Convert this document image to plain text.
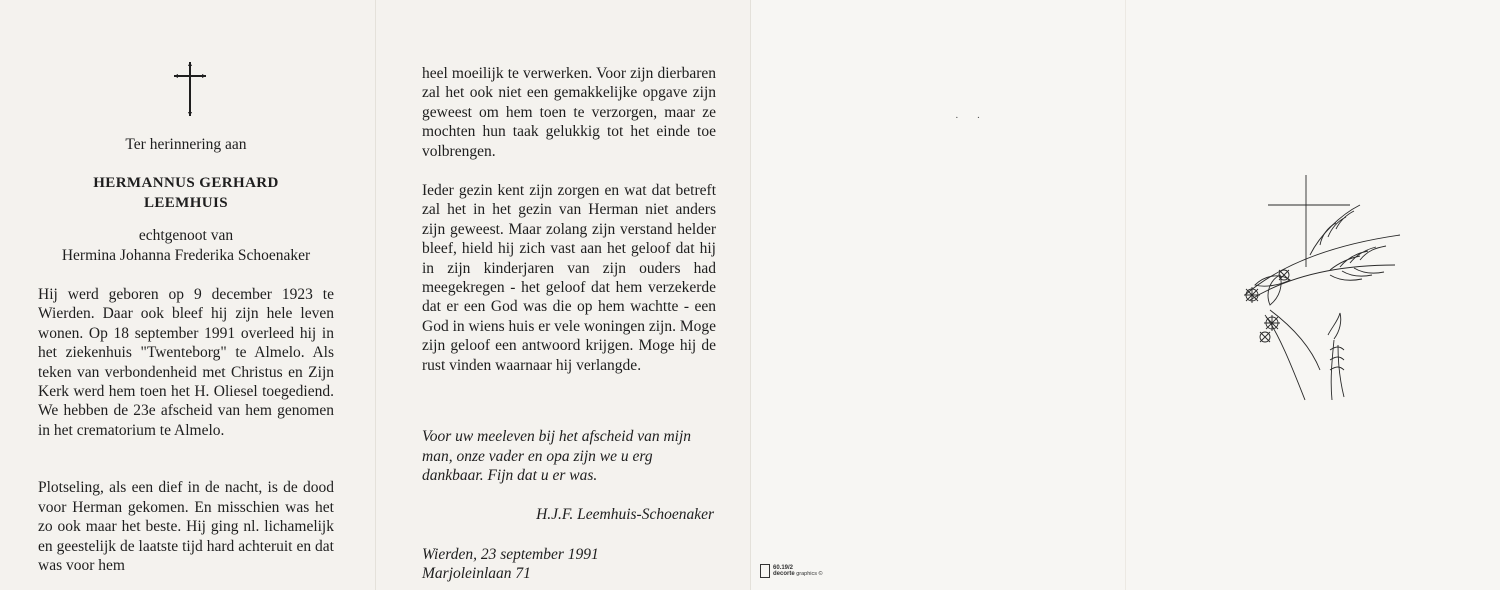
Ter herinnering aan

HERMANNUS GERHARD

LEEMHUIS

echtgenoot van

Hermina Johanna Frederika Schoenaker

Hij werd geboren op 9 december 1923 te Wierden. Daar ook bleef hij zijn hele leven wonen. Op 18 september 1991 overleed hij in het ziekenhuis "Twenteborg" te Almelo. Als teken van verbondenheid met Christus en Zijn Kerk werd hem toen het H. Oliesel toegediend. We hebben de 23e afscheid van hem genomen in het crematorium te Almelo.

Plotseling, als een dief in de nacht, is de dood voor Herman gekomen. En misschien was het zo ook maar het beste. Hij ging nl. lichamelijk en geestelijk de laatste tijd hard achteruit en dat was voor hem

heel moeilijk te verwerken. Voor zijn dierbaren zal het ook niet een gemakkelijke opgave zijn geweest om hem toen te verzorgen, maar ze mochten hun taak gelukkig tot het einde toe volbrengen.

Ieder gezin kent zijn zorgen en wat dat betreft zal het in het gezin van Herman niet anders zijn geweest. Maar zolang zijn verstand helder bleef, hield hij zich vast aan het geloof dat hij in zijn kinderjaren van zijn ouders had meegekregen - het geloof dat hem verzekerde dat er een God was die op hem wachtte - een God in wiens huis er vele woningen zijn. Moge zijn geloof een antwoord krijgen. Moge hij de rust vinden waarnaar hij verlangde.

Voor uw meeleven bij het afscheid van mijn man, onze vader en opa zijn we u erg dankbaar. Fijn dat u er was.

H.J.F. Leemhuis-Schoenaker

Wierden, 23 september 1991

Marjoleinlaan 71

··
60.19/2
decorte graphics ©
